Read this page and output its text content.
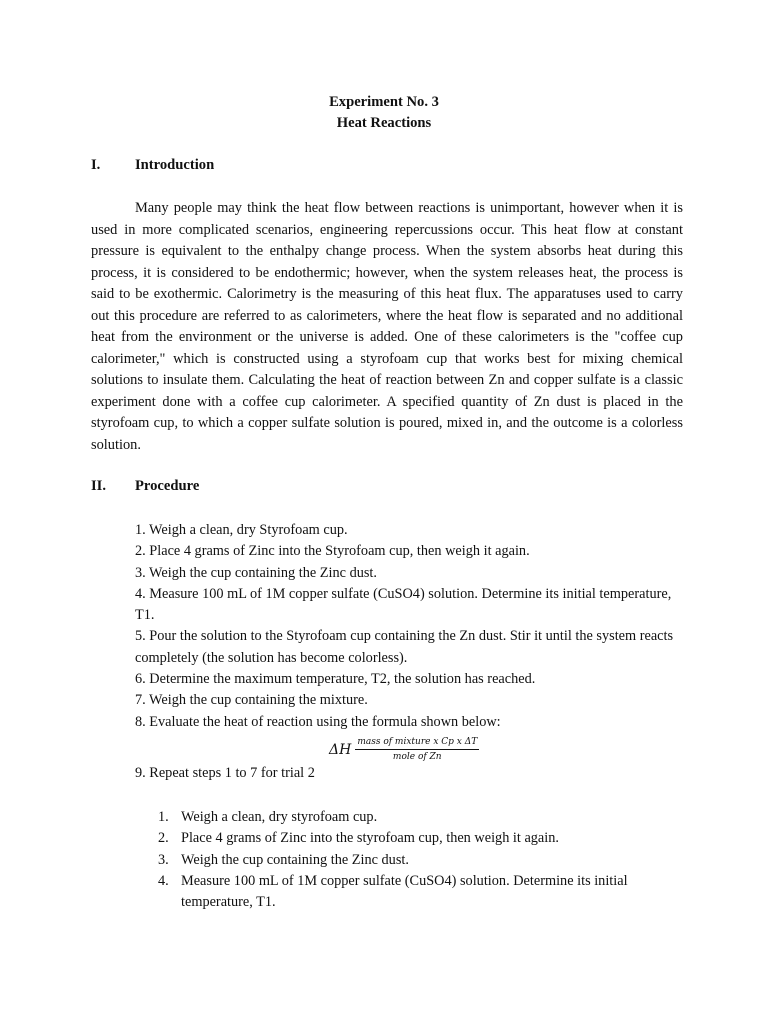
Experiment No. 3
Heat Reactions
I. Introduction

Many people may think the heat flow between reactions is unimportant, however when it is used in more complicated scenarios, engineering repercussions occur. This heat flow at constant pressure is equivalent to the enthalpy change process. When the system absorbs heat during this process, it is considered to be endothermic; however, when the system releases heat, the process is said to be exothermic. Calorimetry is the measuring of this heat flux. The apparatuses used to carry out this procedure are referred to as calorimeters, where the heat flow is separated and no additional heat from the environment or the universe is added. One of these calorimeters is the "coffee cup calorimeter," which is constructed using a styrofoam cup that works best for mixing chemical solutions to insulate them. Calculating the heat of reaction between Zn and copper sulfate is a classic experiment done with a coffee cup calorimeter. A specified quantity of Zn dust is placed in the styrofoam cup, to which a copper sulfate solution is poured, mixed in, and the outcome is a colorless solution.

II. Procedure
1. Weigh a clean, dry Styrofoam cup.
2. Place 4 grams of Zinc into the Styrofoam cup, then weigh it again.
3. Weigh the cup containing the Zinc dust.
4. Measure 100 mL of 1M copper sulfate (CuSO4) solution. Determine its initial temperature, T1.
5. Pour the solution to the Styrofoam cup containing the Zn dust. Stir it until the system reacts completely (the solution has become colorless).
6. Determine the maximum temperature, T2, the solution has reached.
7. Weigh the cup containing the mixture.
8. Evaluate the heat of reaction using the formula shown below:
ΔH $\frac{\text{mass of mixture x Cp x ΔT}}{\text{mole of Zn}}$
9. Repeat steps 1 to 7 for trial 2
1. Weigh a clean, dry styrofoam cup.
2. Place 4 grams of Zinc into the styrofoam cup, then weigh it again.
3. Weigh the cup containing the Zinc dust.
4. Measure 100 mL of 1M copper sulfate (CuSO4) solution. Determine its initial temperature, T1.
